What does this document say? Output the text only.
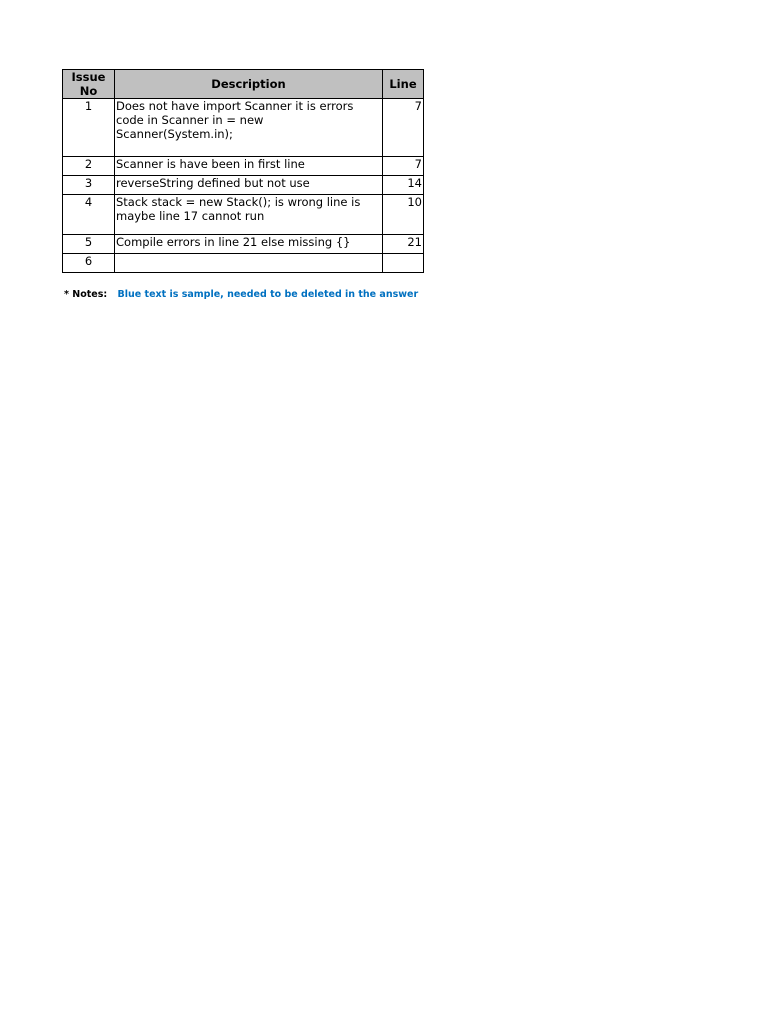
Issue No	Description	Line
1	Does not have import Scanner it is errors code in Scanner in = new Scanner(System.in);	7
2	Scanner is have been in first line	7
3	reverseString defined but not use	14
4	Stack stack = new Stack(); is wrong line is maybe line 17 cannot run	10
5	Compile errors in line 21 else missing {}	21
6		
* Notes: Blue text is sample, needed to be deleted in the answer
